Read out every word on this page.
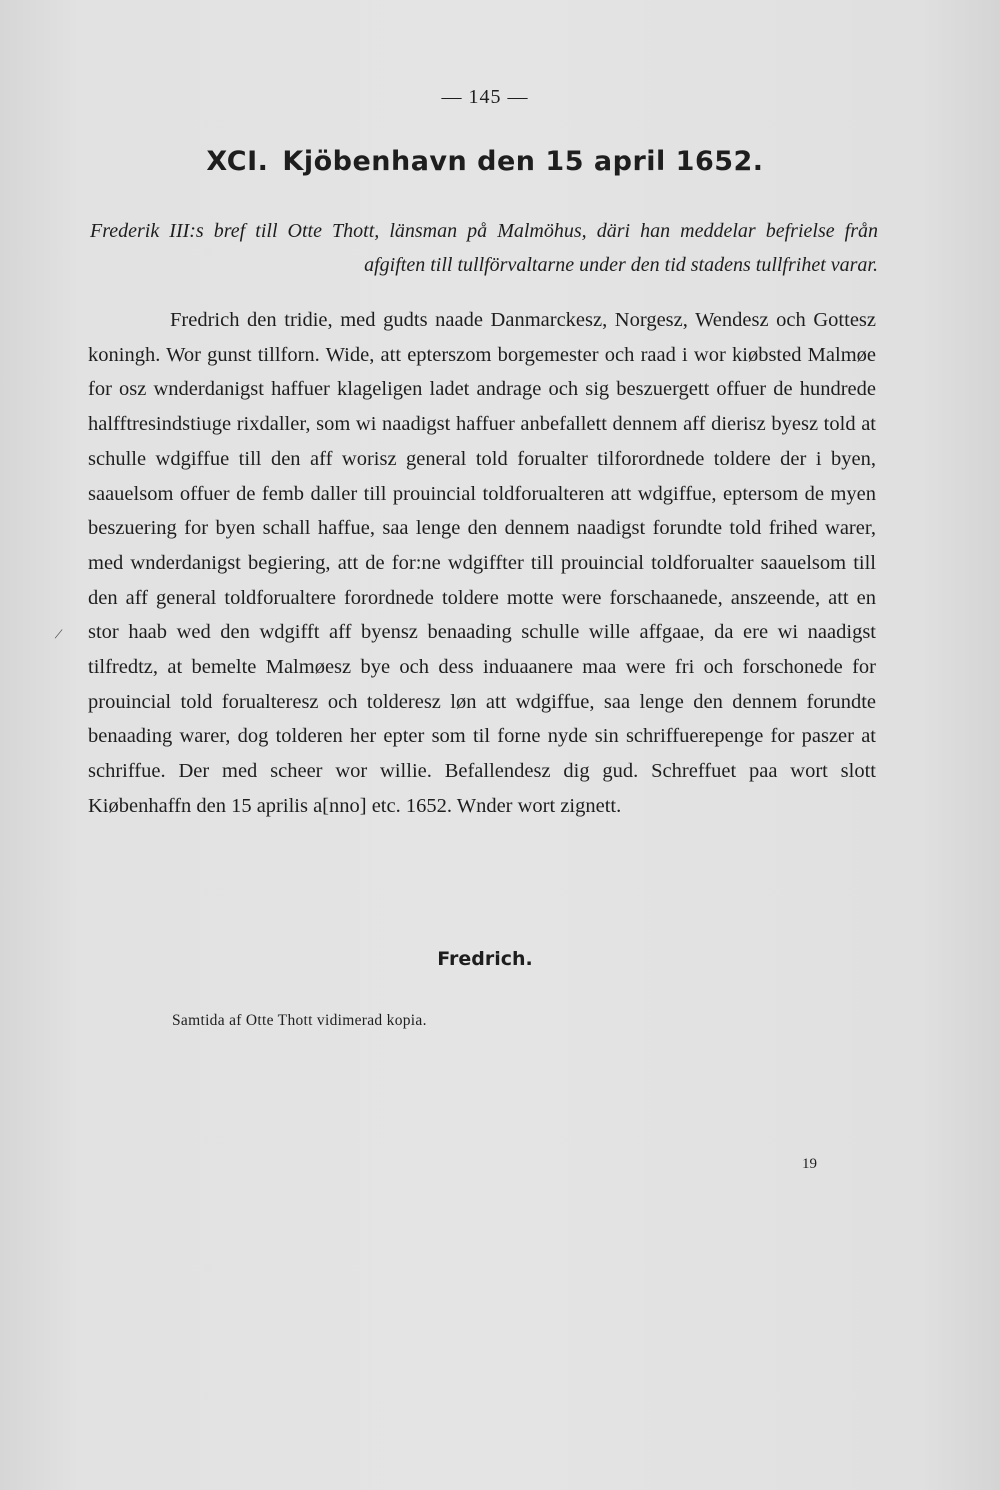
— 145 —
XCI. Kjöbenhavn den 15 april 1652.
Frederik III:s bref till Otte Thott, länsman på Malmöhus, däri han meddelar befrielse från afgiften till tullförvaltarne under den tid stadens tullfrihet varar.

Fredrich den tridie, med gudts naade Danmarckesz, Norgesz, Wendesz och Gottesz koningh. Wor gunst tillforn. Wide, att epterszom borgemester och raad i wor kiøbsted Malmøe for osz wnderdanigst haffuer klageligen ladet andrage och sig beszuergett offuer de hundrede halfftresindstiuge rixdaller, som wi naadigst haffuer anbefallett dennem aff dierisz byesz told at schulle wdgiffue till den aff worisz general told forualter tilforordnede toldere der i byen, saauelsom offuer de femb daller till prouincial toldforualteren att wdgiffue, eptersom de myen beszuering for byen schall haffue, saa lenge den dennem naadigst forundte told frihed warer, med wnderdanigst begiering, att de for:ne wdgiffter till prouincial toldforualter saauelsom till den aff general toldforualtere forordnede toldere motte were forschaanede, anszeende, att en stor haab wed den wdgifft aff byensz benaading schulle wille affgaae, da ere wi naadigst tilfredtz, at bemelte Malmøesz bye och dess induaanere maa were fri och forschonede for prouincial told forualteresz och tolderesz løn att wdgiffue, saa lenge den dennem forundte benaading warer, dog tolderen her epter som til forne nyde sin schriffuerepenge for paszer at schriffue. Der med scheer wor willie. Befallendesz dig gud. Schreffuet paa wort slott Kiøbenhaffn den 15 aprilis a[nno] etc. 1652. Wnder wort zignett.

Fredrich.
Samtida af Otte Thott vidimerad kopia.
19
/
